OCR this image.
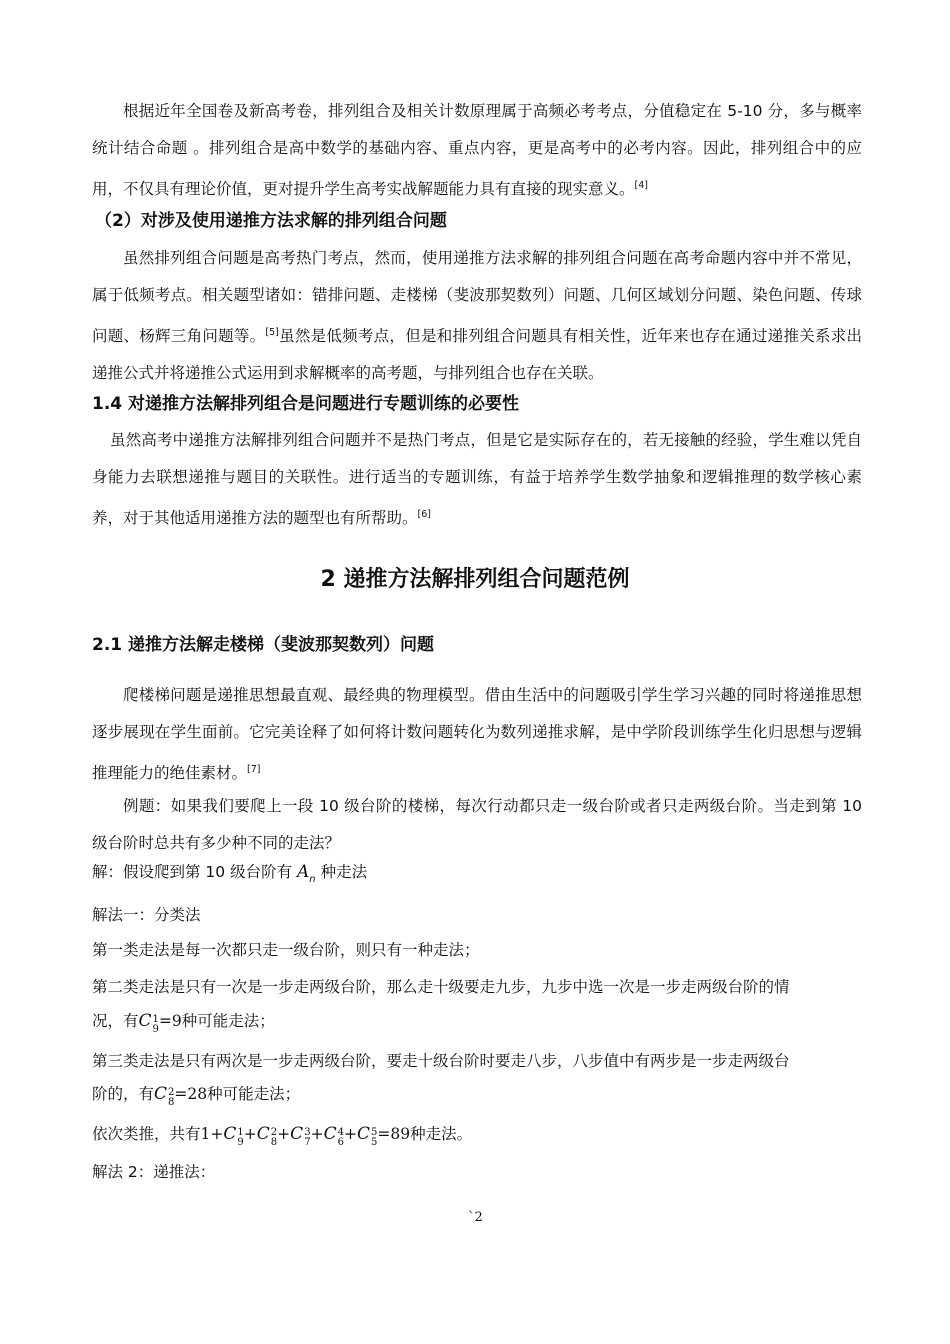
根据近年全国卷及新高考卷，排列组合及相关计数原理属于高频必考考点，分值稳定在 5-10 分，多与概率统计结合命题 。排列组合是高中数学的基础内容、重点内容，更是高考中的必考内容。因此，排列组合中的应用，不仅具有理论价值，更对提升学生高考实战解题能力具有直接的现实意义。[4]

（2）对涉及使用递推方法求解的排列组合问题

虽然排列组合问题是高考热门考点，然而，使用递推方法求解的排列组合问题在高考命题内容中并不常见，属于低频考点。相关题型诸如：错排问题、走楼梯（斐波那契数列）问题、几何区域划分问题、染色问题、传球问题、杨辉三角问题等。[5]虽然是低频考点，但是和排列组合问题具有相关性，近年来也存在通过递推关系求出递推公式并将递推公式运用到求解概率的高考题，与排列组合也存在关联。

1.4 对递推方法解排列组合是问题进行专题训练的必要性

虽然高考中递推方法解排列组合问题并不是热门考点，但是它是实际存在的，若无接触的经验，学生难以凭自身能力去联想递推与题目的关联性。进行适当的专题训练，有益于培养学生数学抽象和逻辑推理的数学核心素养，对于其他适用递推方法的题型也有所帮助。[6]

2 递推方法解排列组合问题范例
2.1 递推方法解走楼梯（斐波那契数列）问题

爬楼梯问题是递推思想最直观、最经典的物理模型。借由生活中的问题吸引学生学习兴趣的同时将递推思想逐步展现在学生面前。它完美诠释了如何将计数问题转化为数列递推求解，是中学阶段训练学生化归思想与逻辑推理能力的绝佳素材。[7]

例题：如果我们要爬上一段 10 级台阶的楼梯，每次行动都只走一级台阶或者只走两级台阶。当走到第 10 级台阶时总共有多少种不同的走法？

解：假设爬到第 10 级台阶有 $A_n$ 种走法
解法一：分类法
第一类走法是每一次都只走一级台阶，则只有一种走法；
第二类走法是只有一次是一步走两级台阶，那么走十级要走九步，九步中选一次是一步走两级台阶的情
况，有C 1
9 =9种可能走法；
第三类走法是只有两次是一步走两级台阶，要走十级台阶时要走八步，八步值中有两步是一步走两级台
阶的，有C 2
8 =28种可能走法；
依次类推，共有1+C 1
9 +C 2
8 +C 3
7 +C 4
6 +C 5
5 =89种走法。
解法 2：递推法：
`2
